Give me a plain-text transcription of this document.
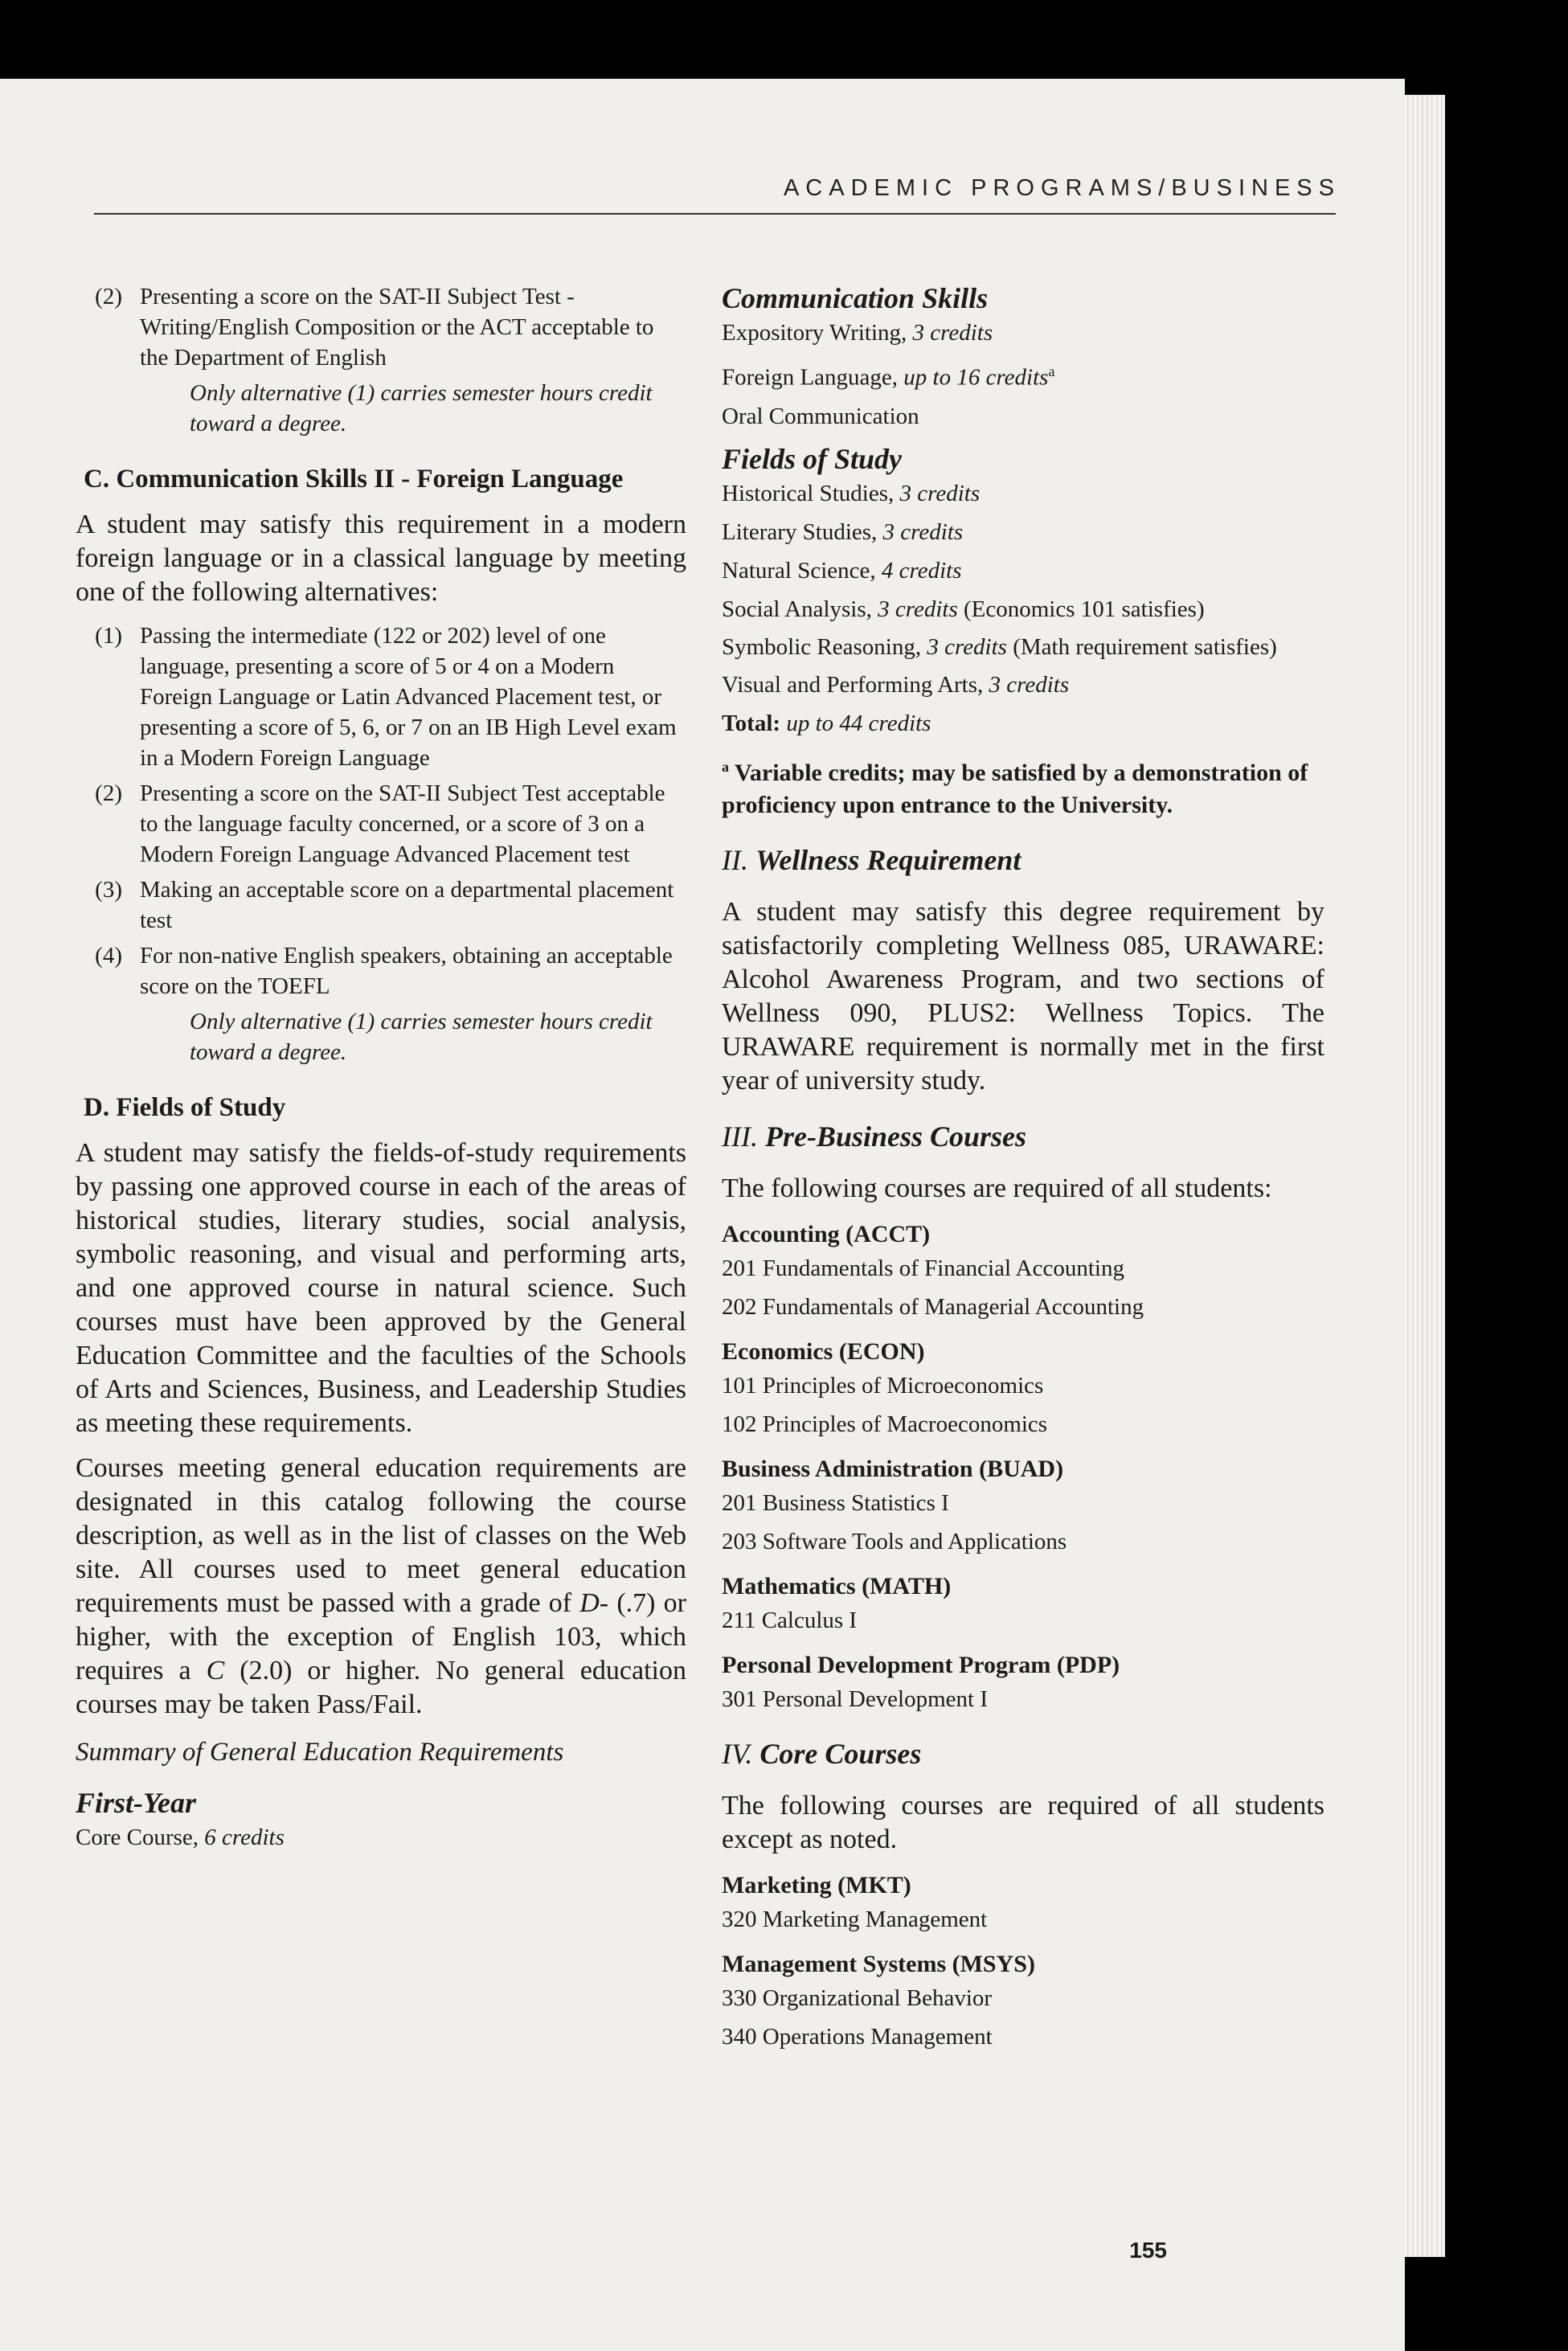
ACADEMIC PROGRAMS/BUSINESS
(2) Presenting a score on the SAT-II Subject Test - Writing/English Composition or the ACT acceptable to the Department of English
Only alternative (1) carries semester hours credit toward a degree.
C. Communication Skills II - Foreign Language

A student may satisfy this requirement in a modern foreign language or in a classical language by meeting one of the following alternatives:

(1) Passing the intermediate (122 or 202) level of one language, presenting a score of 5 or 4 on a Modern Foreign Language or Latin Advanced Placement test, or presenting a score of 5, 6, or 7 on an IB High Level exam in a Modern Foreign Language
(2) Presenting a score on the SAT-II Subject Test acceptable to the language faculty concerned, or a score of 3 on a Modern Foreign Language Advanced Placement test
(3) Making an acceptable score on a departmental placement test
(4) For non-native English speakers, obtaining an acceptable score on the TOEFL
Only alternative (1) carries semester hours credit toward a degree.
D. Fields of Study

A student may satisfy the fields-of-study requirements by passing one approved course in each of the areas of historical studies, literary studies, social analysis, symbolic reasoning, and visual and performing arts, and one approved course in natural science. Such courses must have been approved by the General Education Committee and the faculties of the Schools of Arts and Sciences, Business, and Leadership Studies as meeting these requirements.

Courses meeting general education requirements are designated in this catalog following the course description, as well as in the list of classes on the Web site. All courses used to meet general education requirements must be passed with a grade of D- (.7) or higher, with the exception of English 103, which requires a C (2.0) or higher. No general education courses may be taken Pass/Fail.

Summary of General Education Requirements
First-Year
Core Course, 6 credits
Communication Skills
Expository Writing, 3 credits
Foreign Language, up to 16 credits$^a$
Oral Communication
Fields of Study
Historical Studies, 3 credits
Literary Studies, 3 credits
Natural Science, 4 credits
Social Analysis, 3 credits (Economics 101 satisfies)
Symbolic Reasoning, 3 credits (Math requirement satisfies)
Visual and Performing Arts, 3 credits
Total: up to 44 credits
$^a$ Variable credits; may be satisfied by a demonstration of proficiency upon entrance to the University.
II. Wellness Requirement

A student may satisfy this degree requirement by satisfactorily completing Wellness 085, URAWARE: Alcohol Awareness Program, and two sections of Wellness 090, PLUS2: Wellness Topics. The URAWARE requirement is normally met in the first year of university study.

III. Pre-Business Courses

The following courses are required of all students:

Accounting (ACCT)
201 Fundamentals of Financial Accounting
202 Fundamentals of Managerial Accounting
Economics (ECON)
101 Principles of Microeconomics
102 Principles of Macroeconomics
Business Administration (BUAD)
201 Business Statistics I
203 Software Tools and Applications
Mathematics (MATH)
211 Calculus I
Personal Development Program (PDP)
301 Personal Development I
IV. Core Courses

The following courses are required of all students except as noted.

Marketing (MKT)
320 Marketing Management
Management Systems (MSYS)
330 Organizational Behavior
340 Operations Management
155
